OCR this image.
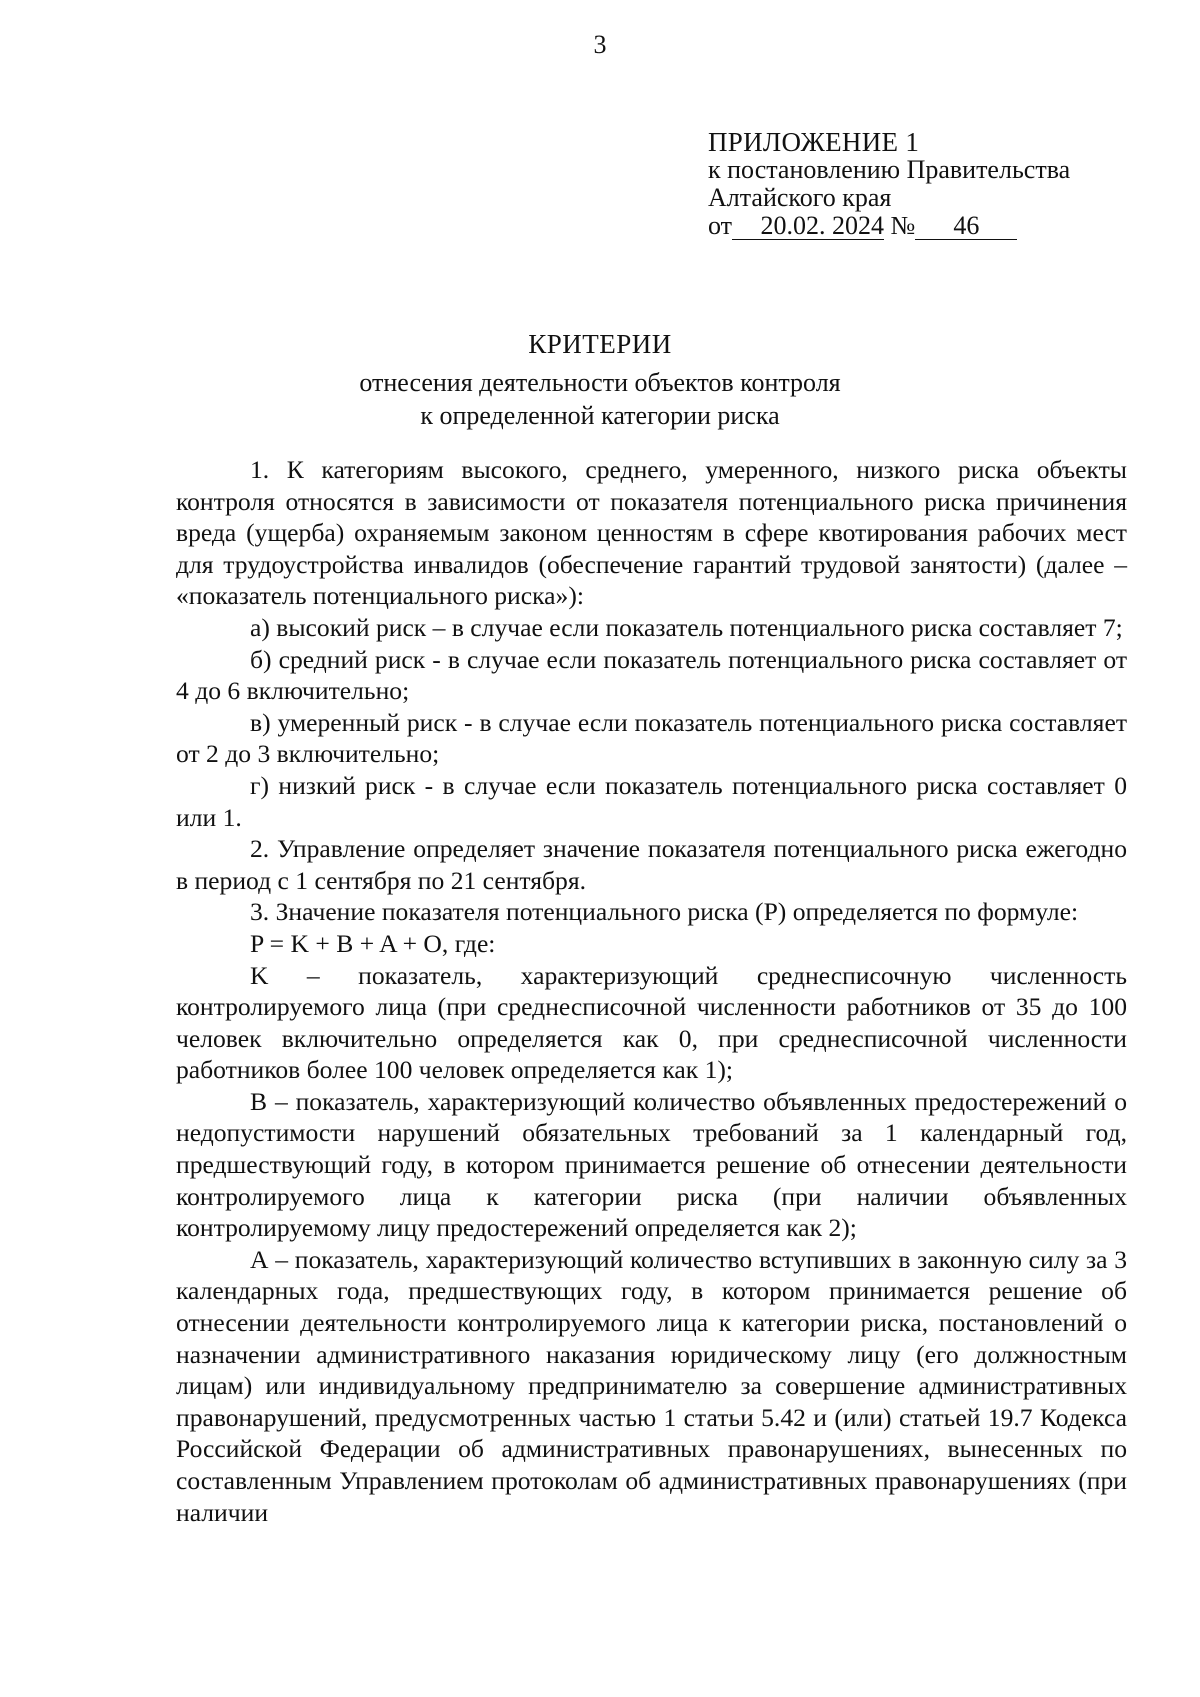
3
ПРИЛОЖЕНИЕ 1
к постановлению Правительства
Алтайского края
от 20.02. 2024 № 46
КРИТЕРИИ
отнесения деятельности объектов контроля
к определенной категории риска

1. К категориям высокого, среднего, умеренного, низкого риска объекты контроля относятся в зависимости от показателя потенциального риска причинения вреда (ущерба) охраняемым законом ценностям в сфере квотирования рабочих мест для трудоустройства инвалидов (обеспечение гарантий трудовой занятости) (далее – «показатель потенциального риска»):

а) высокий риск – в случае если показатель потенциального риска составляет 7;

б) средний риск - в случае если показатель потенциального риска составляет от 4 до 6 включительно;

в) умеренный риск - в случае если показатель потенциального риска составляет от 2 до 3 включительно;

г) низкий риск - в случае если показатель потенциального риска составляет 0 или 1.

2. Управление определяет значение показателя потенциального риска ежегодно в период с 1 сентября по 21 сентября.

3. Значение показателя потенциального риска (P) определяется по формуле:

P = K + B + A + O, где:

K – показатель, характеризующий среднесписочную численность контролируемого лица (при среднесписочной численности работников от 35 до 100 человек включительно определяется как 0, при среднесписочной численности работников более 100 человек определяется как 1);

В – показатель, характеризующий количество объявленных предостережений о недопустимости нарушений обязательных требований за 1 календарный год, предшествующий году, в котором принимается решение об отнесении деятельности контролируемого лица к категории риска (при наличии объявленных контролируемому лицу предостережений определяется как 2);

А – показатель, характеризующий количество вступивших в законную силу за 3 календарных года, предшествующих году, в котором принимается решение об отнесении деятельности контролируемого лица к категории риска, постановлений о назначении административного наказания юридическому лицу (его должностным лицам) или индивидуальному предпринимателю за совершение административных правонарушений, предусмотренных частью 1 статьи 5.42 и (или) статьей 19.7 Кодекса Российской Федерации об административных правонарушениях, вынесенных по составленным Управлением протоколам об административных правонарушениях (при наличии
